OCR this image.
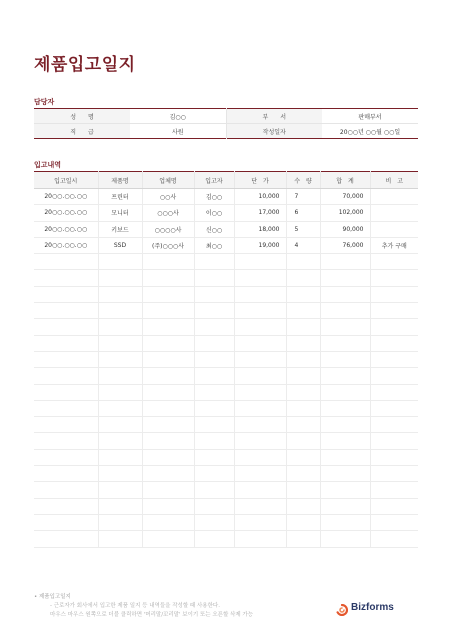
제품입고일지
담당자
성　　명	김○○	부　　서	판매부서
직　　급	사원	작성일자	20○○년 ○○월 ○○일
입고내역
입고일시	제품명	업체명	입고자	단　가	수　량	합　계	비　고
20○○.○○.○○	프린터	○○사	김○○	10,000	7	70,000	
20○○.○○.○○	모니터	○○○사	이○○	17,000	6	102,000	
20○○.○○.○○	키보드	○○○○사	신○○	18,000	5	90,000	
20○○.○○.○○	SSD	(주)○○○사	최○○	19,000	4	76,000	추가 구매

• 제품입고일지
- 근로자가 회사에서 입고한 제품 일지 등 내역들을 작성할 때 사용한다.
마우스 마우스 원쪽으로 더블 클릭하면 '머리말/꼬리말' 보이기 또는 오픈할 삭제 가능
Bizforms
